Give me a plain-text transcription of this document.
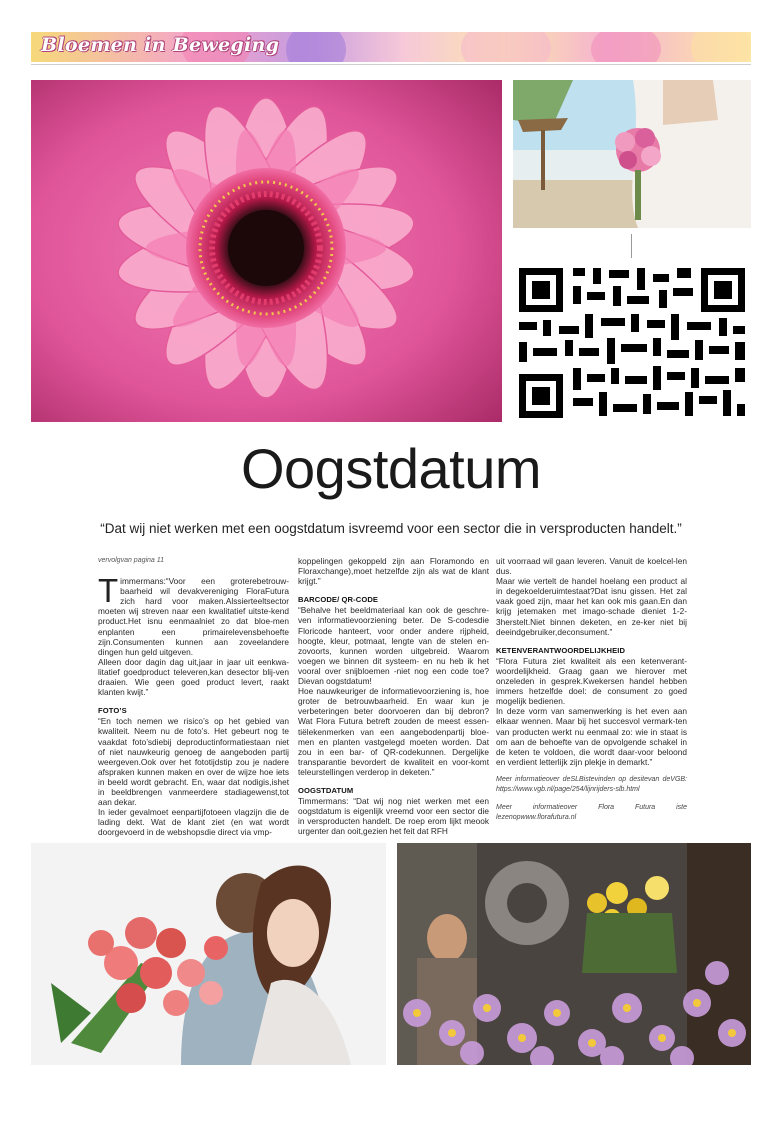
Bloemen in Beweging
Oogstdatum
“Dat wij niet werken met een oogstdatum isvreemd voor een sector die in versproducten handelt.”

vervolgvan pagina 11

Timmermans:“Voor een groterebetrouw-baarheid wil devakvereniging FloraFutura zich hard voor maken.Alssierteeltsector moeten wij streven naar een kwalitatief uitste-kend product.Het isnu eenmaalniet zo dat bloe-men enplanten een primairelevensbehoefte zijn.Consumenten kunnen aan zoveelandere dingen hun geld uitgeven.

Alleen door dagin dag uit,jaar in jaar uit eenkwa-litatief goedproduct televeren,kan desector blij-ven draaien. Wie geen goed product levert, raakt klanten kwijt.”

FOTO’S

“En toch nemen we risico’s op het gebied van kwaliteit. Neem nu de foto’s. Het gebeurt nog te vaakdat foto’sdiebij deproductinformatiestaan niet of niet nauwkeurig genoeg de aangeboden partij weergeven.Ook over het fototijdstip zou je nadere afspraken kunnen maken en over de wijze hoe iets in beeld wordt gebracht. En, waar dat nodigis,ishet in beeldbrengen vanmeerdere stadiagewenst,tot aan dekar.

In ieder gevalmoet eenpartijfotoeen vlagzijn die de lading dekt. Wat de klant ziet (en wat wordt doorgevoerd in de webshopsdie direct via vmp-

koppelingen gekoppeld zijn aan Floramondo en Floraxchange),moet hetzelfde zijn als wat de klant krijgt.”

BARCODE/ QR-CODE

“Behalve het beeldmateriaal kan ook de geschre-ven informatievoorziening beter. De S-codesdie Floricode hanteert, voor onder andere rijpheid, hoogte, kleur, potmaat, lengte van de stelen en-zovoorts, kunnen worden uitgebreid. Waarom voegen we binnen dit systeem- en nu heb ik het vooral over snijbloemen -niet nog een code toe? Dievan oogstdatum!

Hoe nauwkeuriger de informatievoorziening is, hoe groter de betrouwbaarheid. En waar kun je verbeteringen beter doorvoeren dan bij debron? Wat Flora Futura betreft zouden de meest essen-tiëlekenmerken van een aangebodenpartij bloe-men en planten vastgelegd moeten worden. Dat zou in een bar- of QR-codekunnen. Dergelijke transparantie bevordert de kwaliteit en voor-komt teleurstellingen verderop in deketen.”

OOGSTDATUM

Timmermans: “Dat wij nog niet werken met een oogstdatum is eigenlijk vreemd voor een sector die in versproducten handelt. De roep erom lijkt meook urgenter dan ooit,gezien het feit dat RFH

uit voorraad wil gaan leveren. Vanuit de koelcel-len dus.

Maar wie vertelt de handel hoelang een product al in degekoelderuimtestaat?Dat isnu gissen. Het zal vaak goed zijn, maar het kan ook mis gaan.En dan krijg jetemaken met imago-schade dieniet 1-2-3herstelt.Niet binnen deketen, en ze-ker niet bij deeindgebruiker,deconsument.”

KETENVERANTWOORDELIJKHEID

“Flora Futura ziet kwaliteit als een ketenverant-woordelijkheid. Graag gaan we hierover met onzeleden in gesprek.Kwekersen handel hebben immers hetzelfde doel: de consument zo goed mogelijk bedienen.

In deze vorm van samenwerking is het even aan elkaar wennen. Maar bij het succesvol vermark-ten van producten werkt nu eenmaal zo: wie in staat is om aan de behoefte van de opvolgende schakel in de keten te voldoen, die wordt daar-voor beloond en verdient letterlijk zijn plekje in demarkt.”

Meer informatieover deSLBistevinden op desitevan deVGB: https://www.vgb.nl/page/254/lijnrijders-slb.html

Meer informatieover Flora Futura iste lezenopwww.florafutura.nl
